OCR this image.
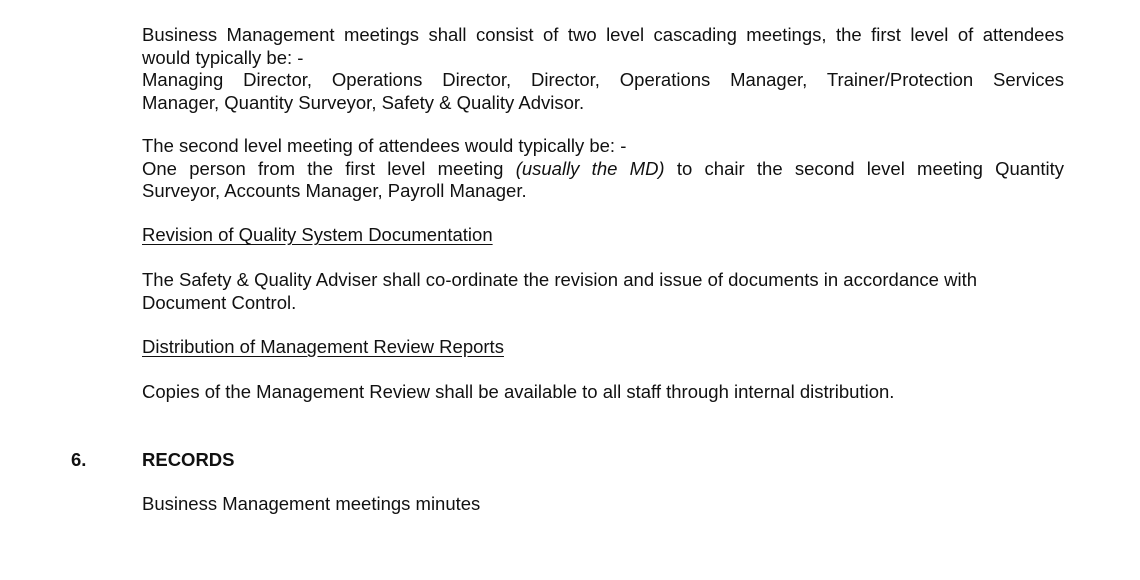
Business Management meetings shall consist of two level cascading meetings, the first level of attendees
would typically be: -
Managing Director, Operations Director, Director, Operations Manager, Trainer/Protection Services
Manager, Quantity Surveyor, Safety & Quality Advisor.

The second level meeting of attendees would typically be: -
One person from the first level meeting (usually the MD) to chair the second level meeting Quantity
Surveyor, Accounts Manager, Payroll Manager.

Revision of Quality System Documentation

The Safety & Quality Adviser shall co-ordinate the revision and issue of documents in accordance with
Document Control.

Distribution of Management Review Reports

Copies of the Management Review shall be available to all staff through internal distribution.

6.	RECORDS

Business Management meetings minutes
